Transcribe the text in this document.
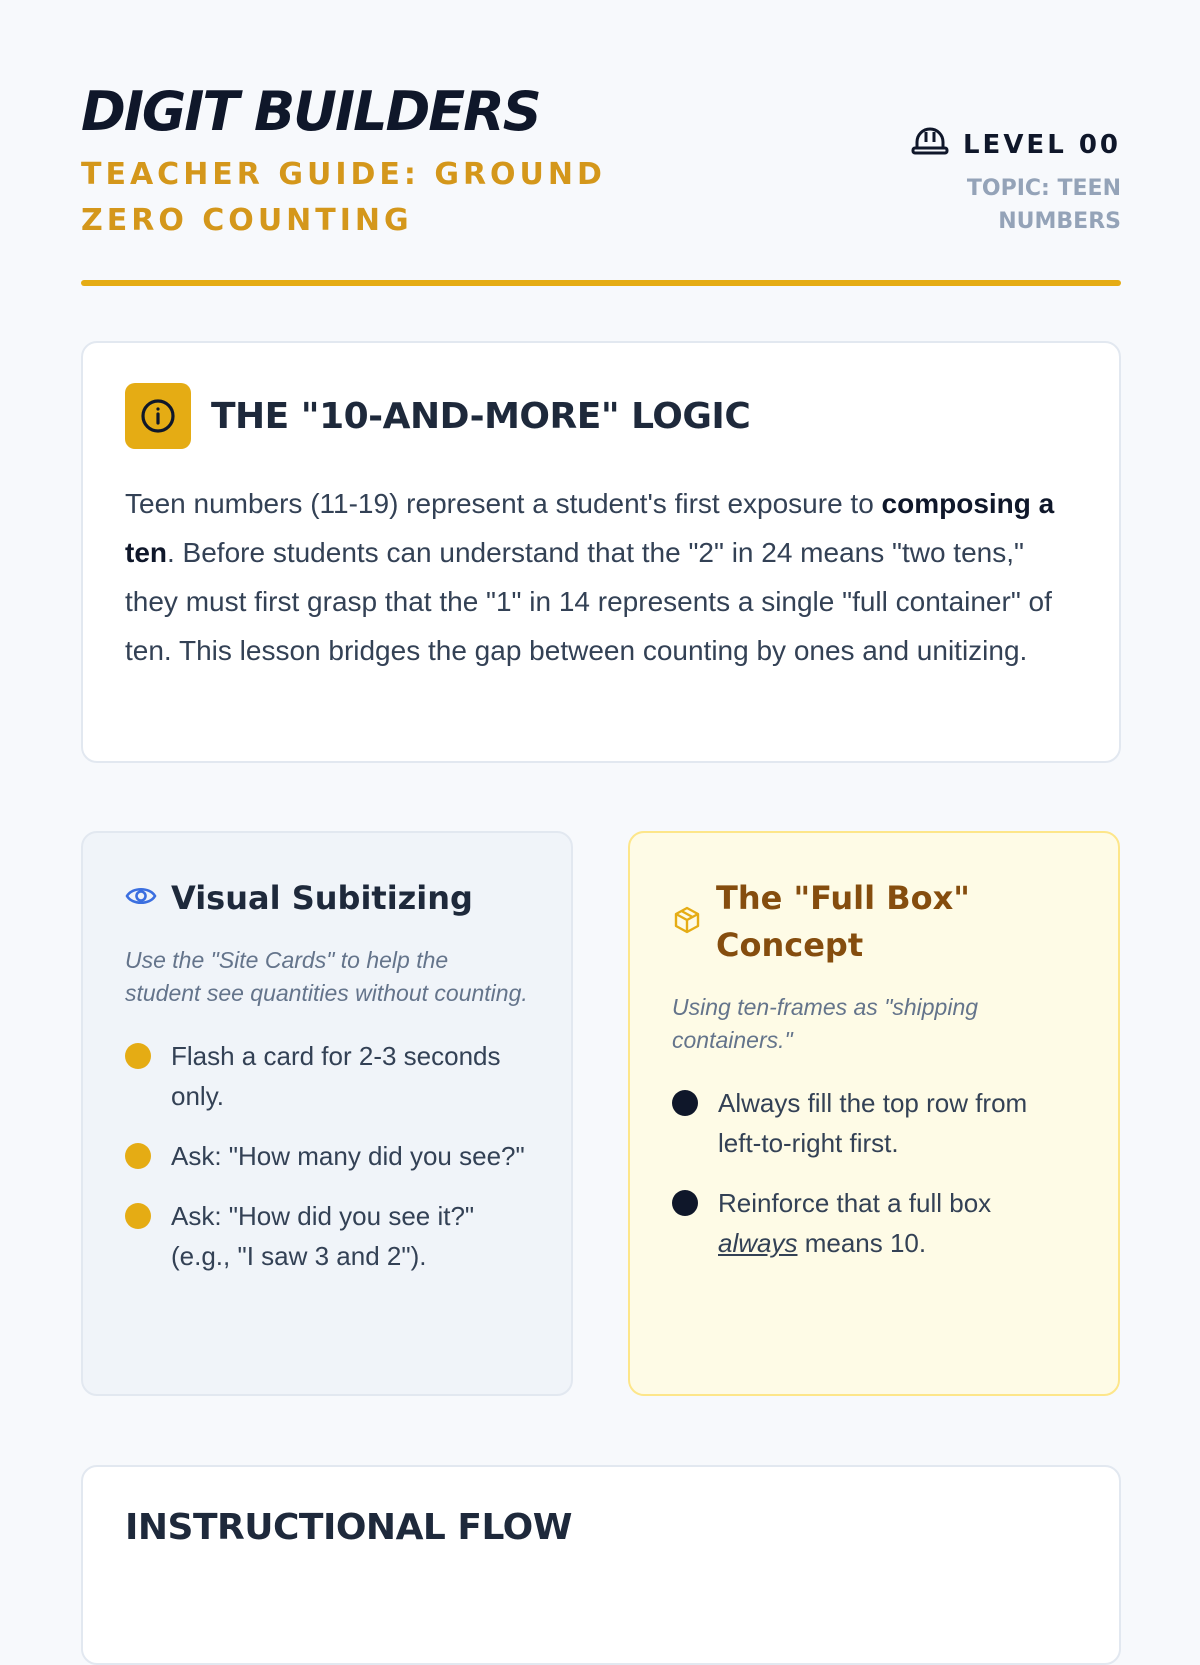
DIGIT BUILDERS
TEACHER GUIDE: GROUND ZERO COUNTING
LEVEL 00
TOPIC: TEEN NUMBERS
THE "10-AND-MORE" LOGIC
Teen numbers (11-19) represent a student's first exposure to composing a ten. Before students can understand that the "2" in 24 means "two tens," they must first grasp that the "1" in 14 represents a single "full container" of ten. This lesson bridges the gap between counting by ones and unitizing.
Visual Subitizing
Use the "Site Cards" to help the student see quantities without counting.
Flash a card for 2-3 seconds only.
Ask: "How many did you see?"
Ask: "How did you see it?" (e.g., "I saw 3 and 2").
The "Full Box" Concept
Using ten-frames as "shipping containers."
Always fill the top row from left-to-right first.
Reinforce that a full box always means 10.
INSTRUCTIONAL FLOW
